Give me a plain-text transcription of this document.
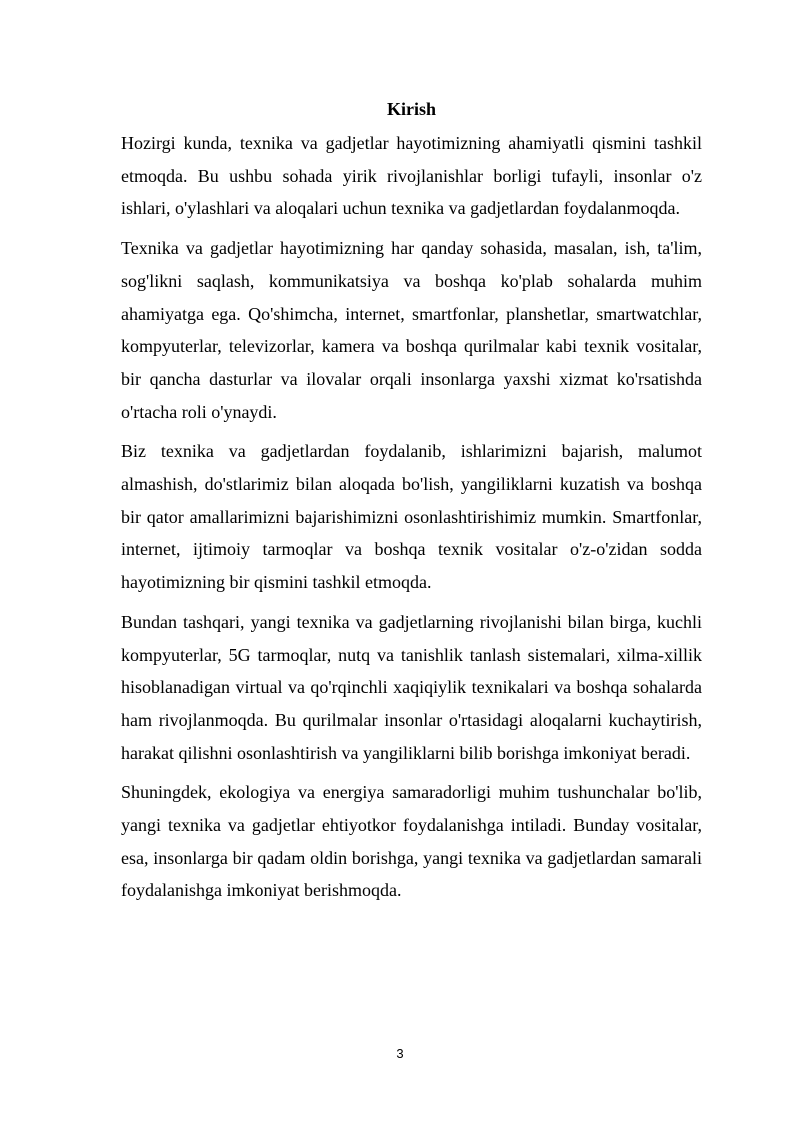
Kirish

Hozirgi kunda, texnika va gadjetlar hayotimizning ahamiyatli qismini tashkil etmoqda. Bu ushbu sohada yirik rivojlanishlar borligi tufayli, insonlar o'z ishlari, o'ylashlari va aloqalari uchun texnika va gadjetlardan foydalanmoqda.

Texnika va gadjetlar hayotimizning har qanday sohasida, masalan, ish, ta'lim, sog'likni saqlash, kommunikatsiya va boshqa ko'plab sohalarda muhim ahamiyatga ega. Qo'shimcha, internet, smartfonlar, planshetlar, smartwatchlar, kompyuterlar, televizorlar, kamera va boshqa qurilmalar kabi texnik vositalar, bir qancha dasturlar va ilovalar orqali insonlarga yaxshi xizmat ko'rsatishda o'rtacha roli o'ynaydi.

Biz texnika va gadjetlardan foydalanib, ishlarimizni bajarish, malumot almashish, do'stlarimiz bilan aloqada bo'lish, yangiliklarni kuzatish va boshqa bir qator amallarimizni bajarishimizni osonlashtirishimiz mumkin. Smartfonlar, internet, ijtimoiy tarmoqlar va boshqa texnik vositalar o'z-o'zidan sodda hayotimizning bir qismini tashkil etmoqda.

Bundan tashqari, yangi texnika va gadjetlarning rivojlanishi bilan birga, kuchli kompyuterlar, 5G tarmoqlar, nutq va tanishlik tanlash sistemalari, xilma-xillik hisoblanadigan virtual va qo'rqinchli xaqiqiylik texnikalari va boshqa sohalarda ham rivojlanmoqda. Bu qurilmalar insonlar o'rtasidagi aloqalarni kuchaytirish, harakat qilishni osonlashtirish va yangiliklarni bilib borishga imkoniyat beradi.

Shuningdek, ekologiya va energiya samaradorligi muhim tushunchalar bo'lib, yangi texnika va gadjetlar ehtiyotkor foydalanishga intiladi. Bunday vositalar, esa, insonlarga bir qadam oldin borishga, yangi texnika va gadjetlardan samarali foydalanishga imkoniyat berishmoqda.

3
